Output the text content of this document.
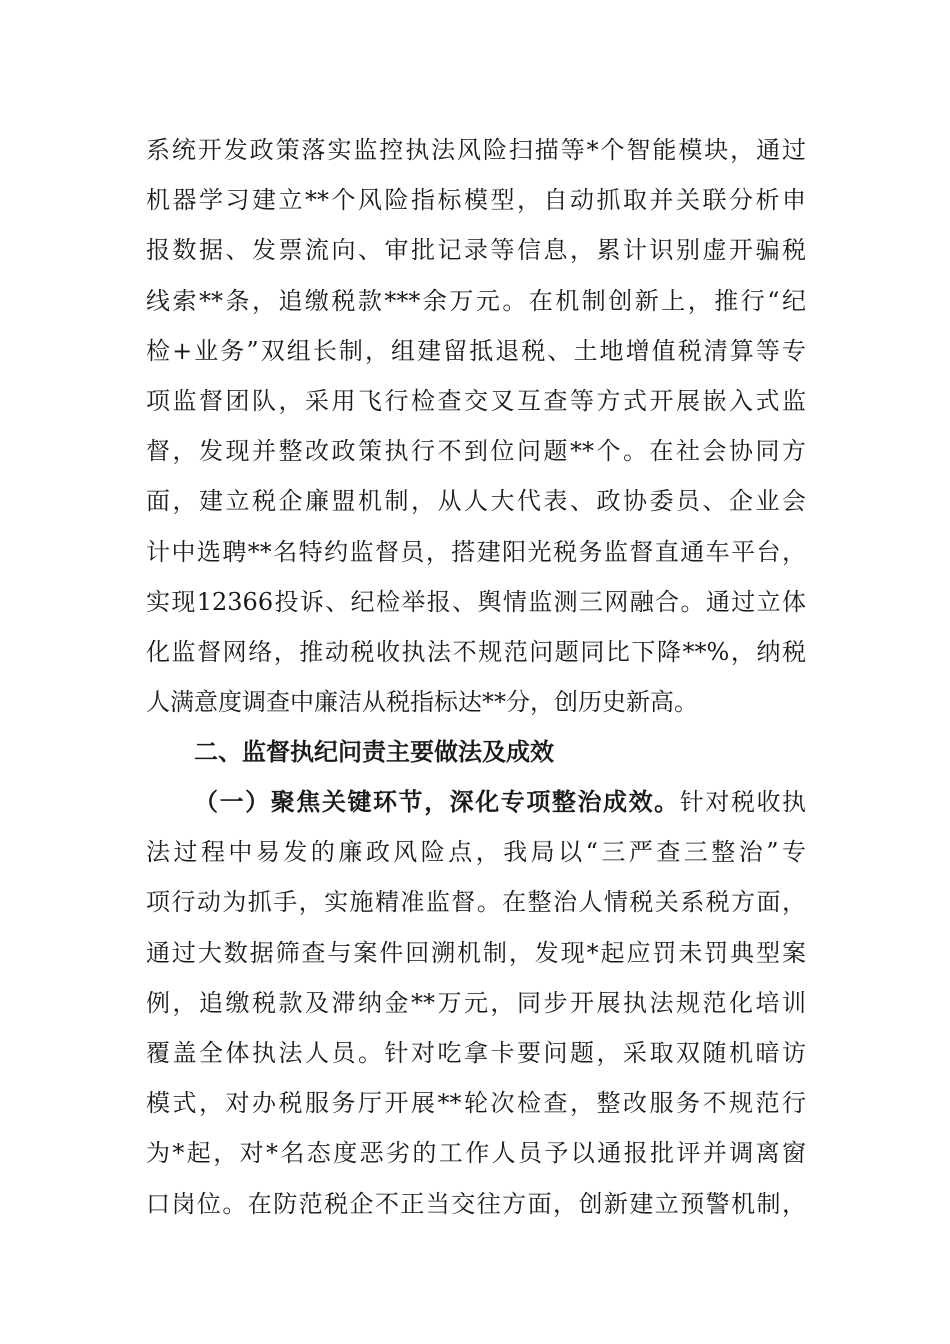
系统开发政策落实监控执法风险扫描等*个智能模块，通过
机器学习建立**个风险指标模型，自动抓取并关联分析申
报数据、发票流向、审批记录等信息，累计识别虚开骗税
线索**条，追缴税款***余万元。在机制创新上，推行“纪
检+业务”双组长制，组建留抵退税、土地增值税清算等专
项监督团队，采用飞行检查交叉互查等方式开展嵌入式监
督，发现并整改政策执行不到位问题**个。在社会协同方
面，建立税企廉盟机制，从人大代表、政协委员、企业会
计中选聘**名特约监督员，搭建阳光税务监督直通车平台，
实现12366投诉、纪检举报、舆情监测三网融合。通过立体
化监督网络，推动税收执法不规范问题同比下降**%，纳税
人满意度调查中廉洁从税指标达**分，创历史新高。
二、监督执纪问责主要做法及成效
（一）聚焦关键环节，深化专项整治成效。针对税收执
法过程中易发的廉政风险点，我局以“三严查三整治”专
项行动为抓手，实施精准监督。在整治人情税关系税方面，
通过大数据筛查与案件回溯机制，发现*起应罚未罚典型案
例，追缴税款及滞纳金**万元，同步开展执法规范化培训
覆盖全体执法人员。针对吃拿卡要问题，采取双随机暗访
模式，对办税服务厅开展**轮次检查，整改服务不规范行
为*起，对*名态度恶劣的工作人员予以通报批评并调离窗
口岗位。在防范税企不正当交往方面，创新建立预警机制，
